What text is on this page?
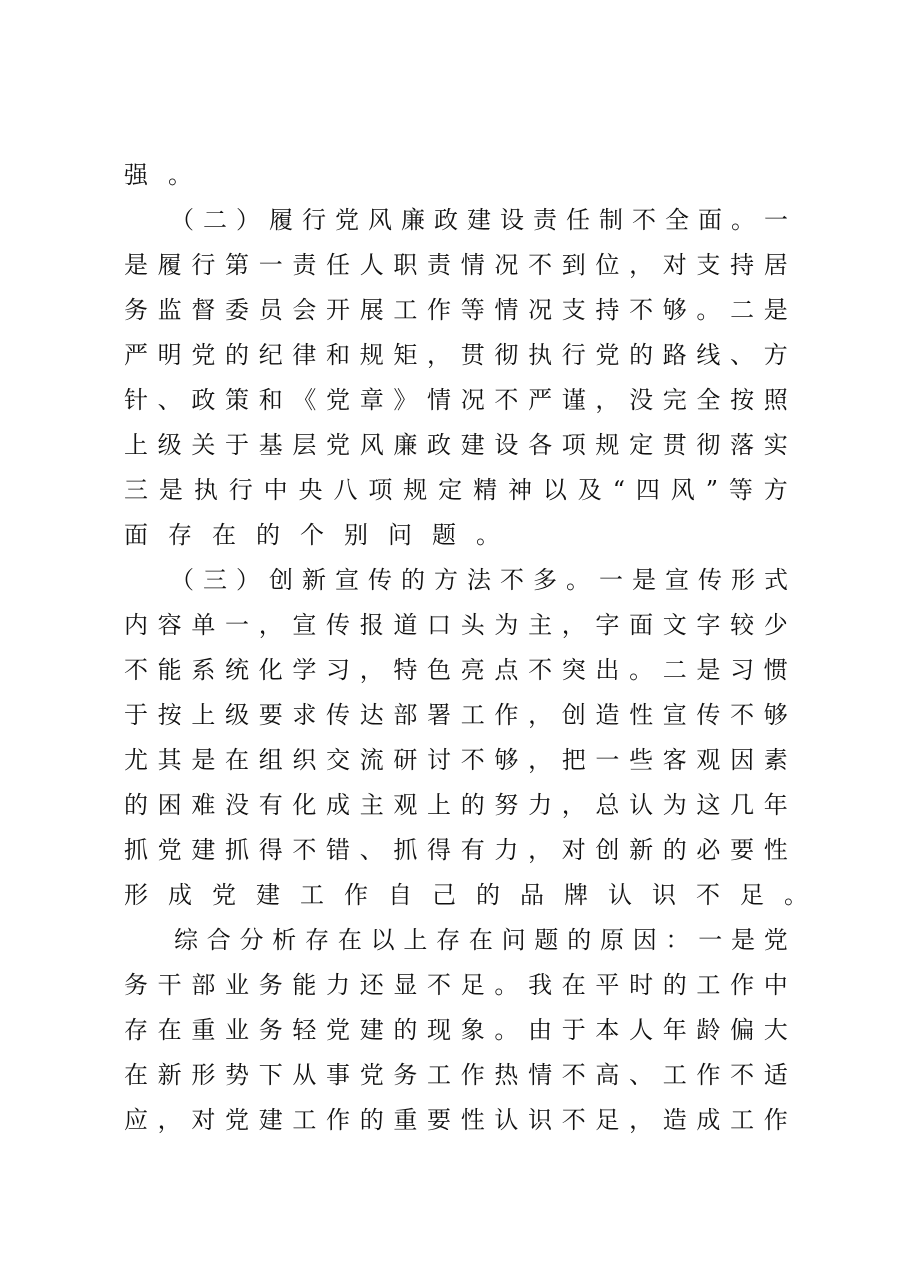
强 。
（ 二 ） 履 行 党 风 廉 政 建 设 责 任 制 不 全 面 。 一
是 履 行 第 一 责 任 人 职 责 情 况 不 到 位 ， 对 支 持 居
务 监 督 委 员 会 开 展 工 作 等 情 况 支 持 不 够 。 二 是
严 明 党 的 纪 律 和 规 矩 ， 贯 彻 执 行 党 的 路 线 、 方
针 、 政 策 和 《 党 章 》 情 况 不 严 谨 ， 没 完 全 按 照
上 级 关 于 基 层 党 风 廉 政 建 设 各 项 规 定 贯 彻 落 实
三 是 执 行 中 央 八 项 规 定 精 神 以 及 “ 四 风 ” 等 方
面 存 在 的 个 别 问 题 。
（ 三 ） 创 新 宣 传 的 方 法 不 多 。 一 是 宣 传 形 式
内 容 单 一 ， 宣 传 报 道 口 头 为 主 ， 字 面 文 字 较 少
不 能 系 统 化 学 习 ， 特 色 亮 点 不 突 出 。 二 是 习 惯
于 按 上 级 要 求 传 达 部 署 工 作 ， 创 造 性 宣 传 不 够
尤 其 是 在 组 织 交 流 研 讨 不 够 ， 把 一 些 客 观 因 素
的 困 难 没 有 化 成 主 观 上 的 努 力 ， 总 认 为 这 几 年
抓 党 建 抓 得 不 错 、 抓 得 有 力 ， 对 创 新 的 必 要 性
形 成 党 建 工 作 自 己 的 品 牌 认 识 不 足 。
综 合 分 析 存 在 以 上 存 在 问 题 的 原 因 ： 一 是 党
务 干 部 业 务 能 力 还 显 不 足 。 我 在 平 时 的 工 作 中
存 在 重 业 务 轻 党 建 的 现 象 。 由 于 本 人 年 龄 偏 大
在 新 形 势 下 从 事 党 务 工 作 热 情 不 高 、 工 作 不 适
应 ， 对 党 建 工 作 的 重 要 性 认 识 不 足 ， 造 成 工 作
